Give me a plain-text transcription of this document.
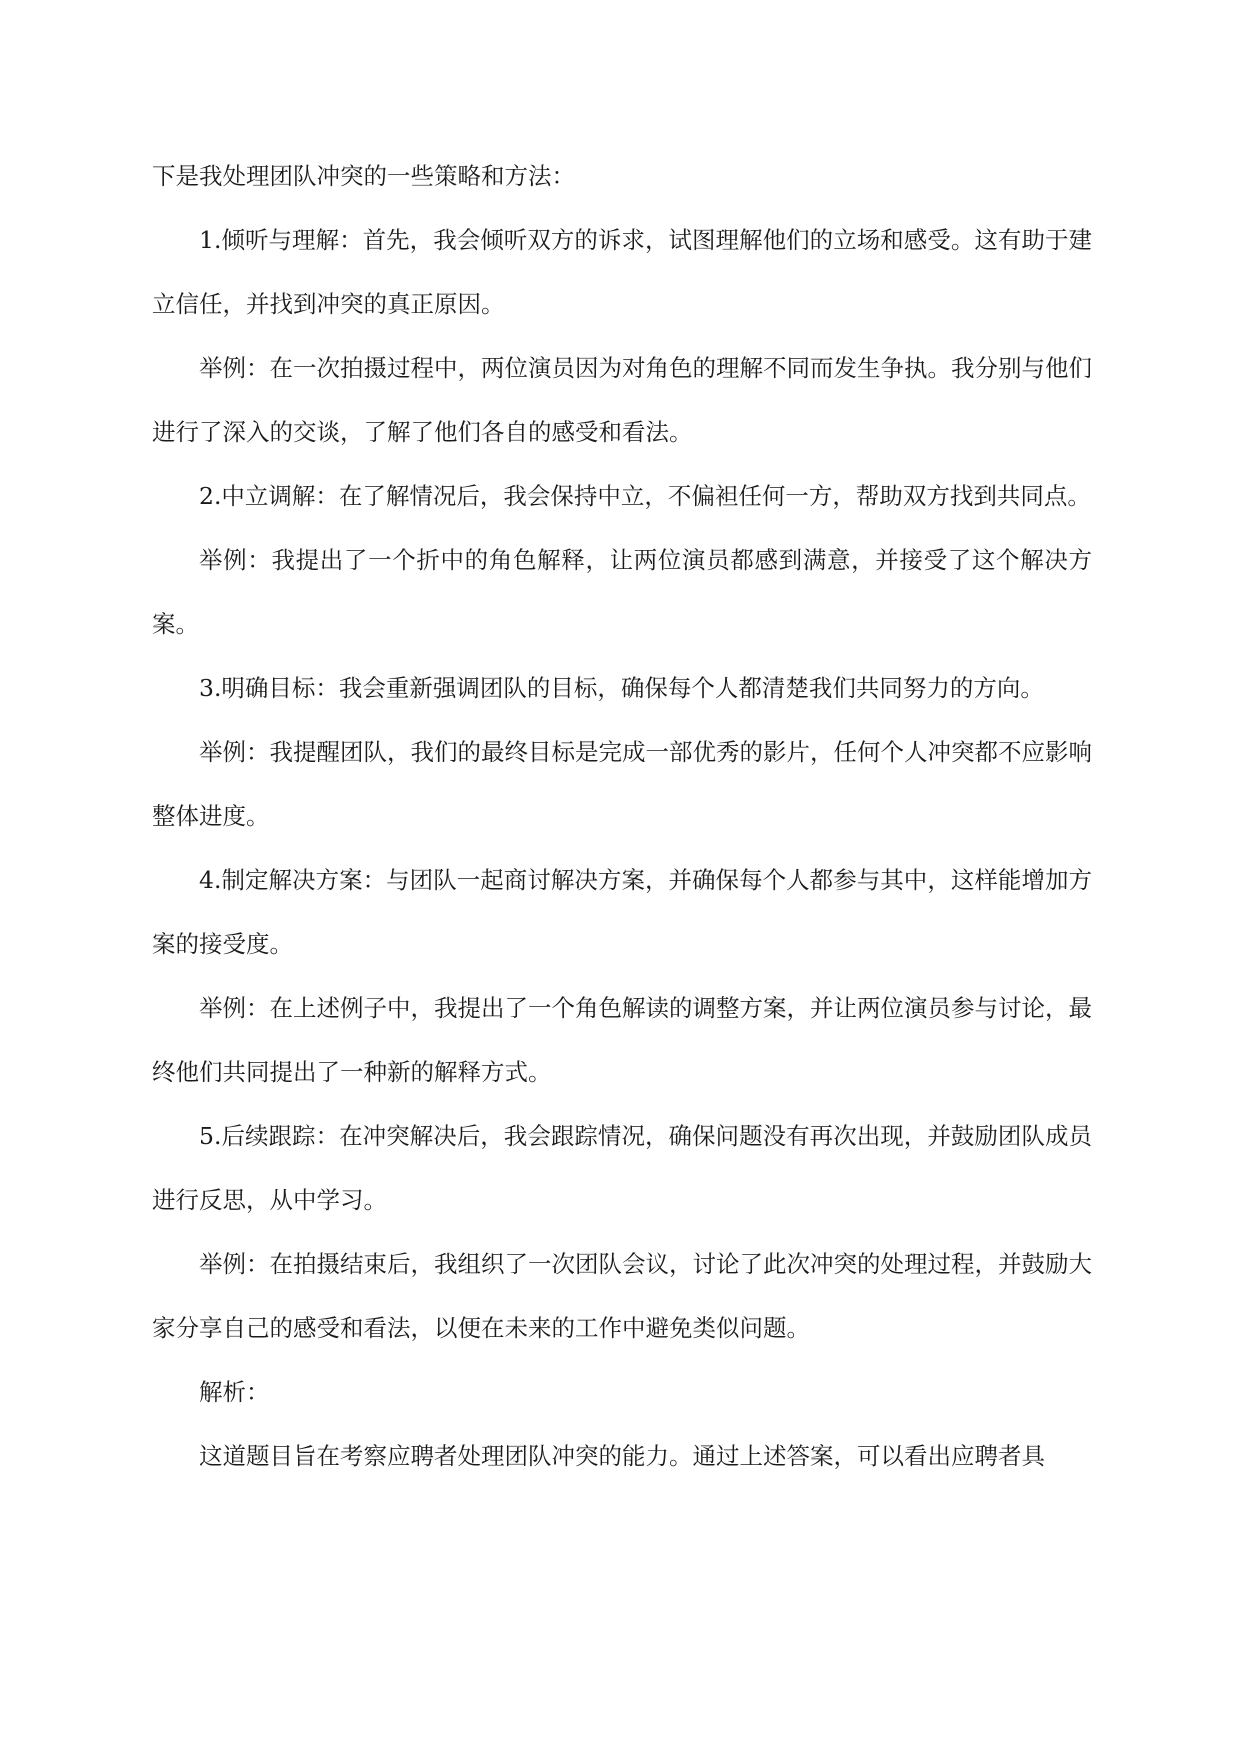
下是我处理团队冲突的一些策略和方法：

1.倾听与理解：首先，我会倾听双方的诉求，试图理解他们的立场和感受。这有助于建立信任，并找到冲突的真正原因。

举例：在一次拍摄过程中，两位演员因为对角色的理解不同而发生争执。我分别与他们进行了深入的交谈，了解了他们各自的感受和看法。

2.中立调解：在了解情况后，我会保持中立，不偏袒任何一方，帮助双方找到共同点。

举例：我提出了一个折中的角色解释，让两位演员都感到满意，并接受了这个解决方案。

3.明确目标：我会重新强调团队的目标，确保每个人都清楚我们共同努力的方向。

举例：我提醒团队，我们的最终目标是完成一部优秀的影片，任何个人冲突都不应影响整体进度。

4.制定解决方案：与团队一起商讨解决方案，并确保每个人都参与其中，这样能增加方案的接受度。

举例：在上述例子中，我提出了一个角色解读的调整方案，并让两位演员参与讨论，最终他们共同提出了一种新的解释方式。

5.后续跟踪：在冲突解决后，我会跟踪情况，确保问题没有再次出现，并鼓励团队成员进行反思，从中学习。

举例：在拍摄结束后，我组织了一次团队会议，讨论了此次冲突的处理过程，并鼓励大家分享自己的感受和看法，以便在未来的工作中避免类似问题。

解析：

这道题目旨在考察应聘者处理团队冲突的能力。通过上述答案，可以看出应聘者具
